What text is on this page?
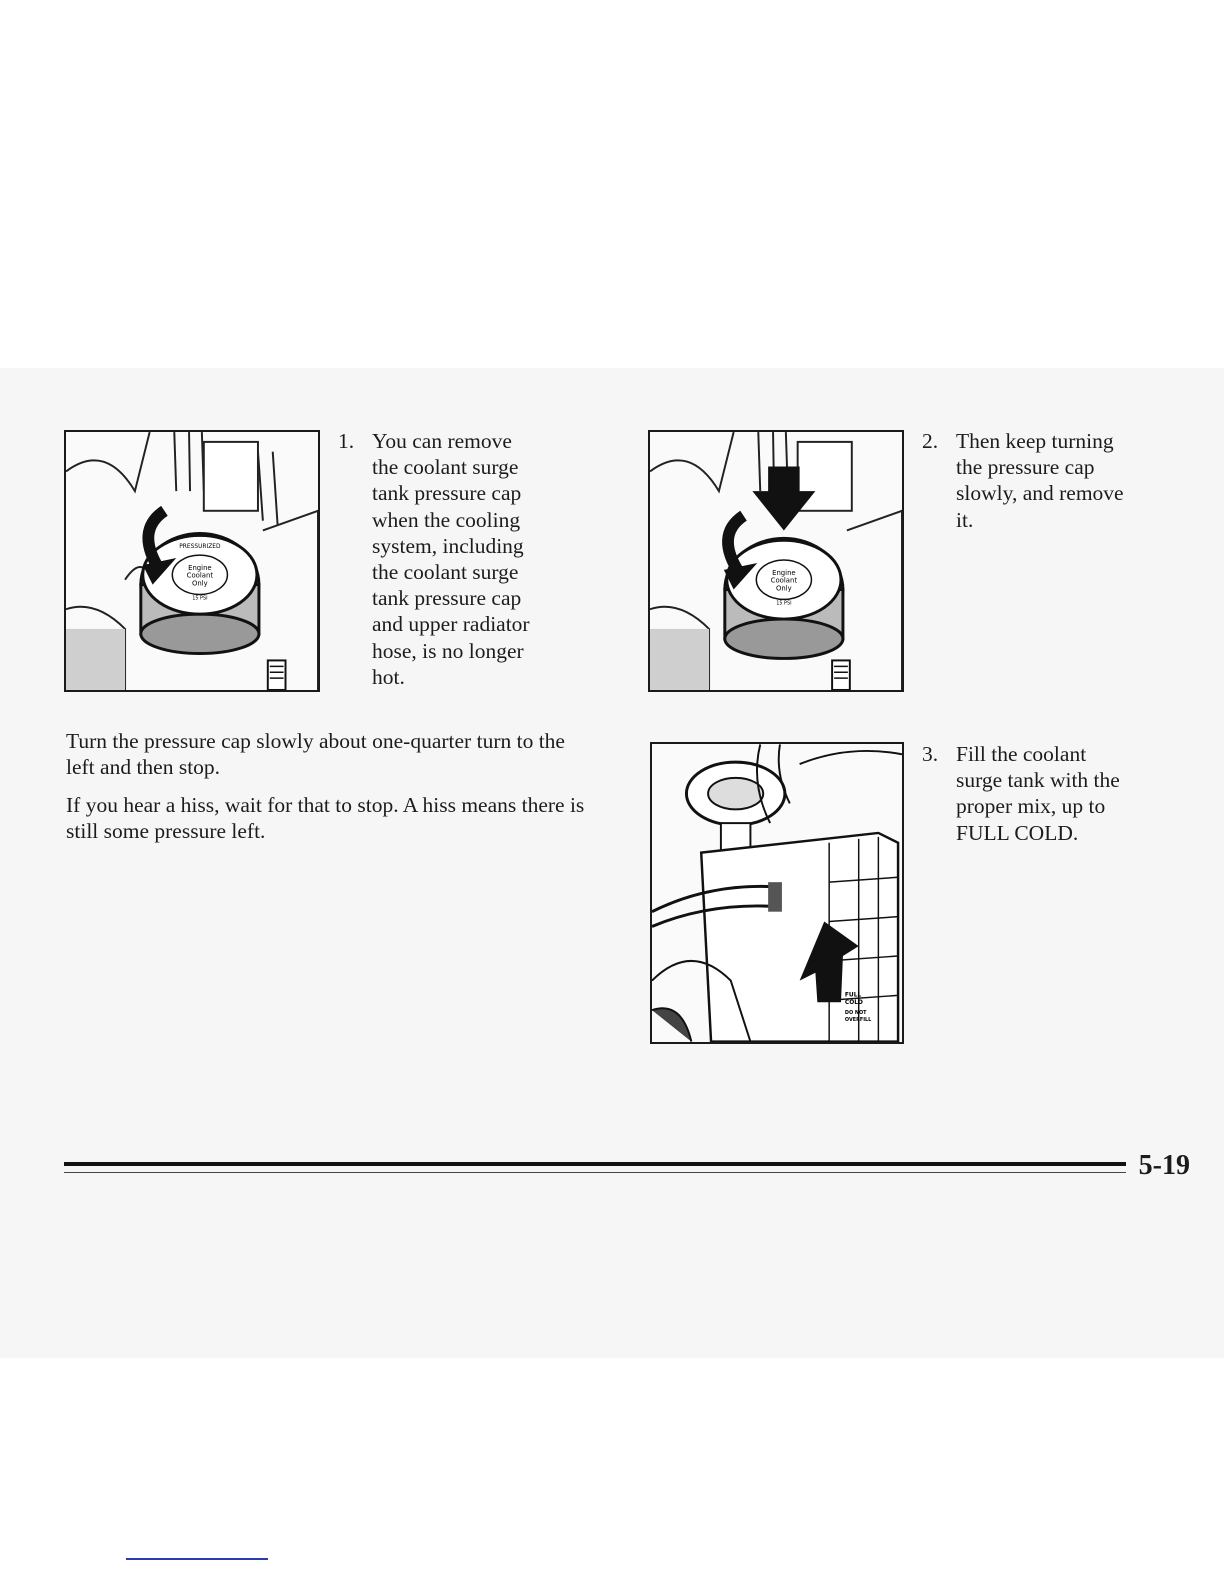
Engine
Coolant
Only
PRESSURIZED
15 PSI
1. You can remove
the coolant surge
tank pressure cap
when the cooling
system, including
the coolant surge
tank pressure cap
and upper radiator
hose, is no longer
hot.
Engine
Coolant
Only
15 PSI
2. Then keep turning
the pressure cap
slowly, and remove
it.

Turn the pressure cap slowly about one-quarter turn to the left and then stop.

If you hear a hiss, wait for that to stop. A hiss means there is still some pressure left.

FULL
COLD
DO NOT
OVERFILL
3. Fill the coolant
surge tank with the
proper mix, up to
FULL COLD.
5-19
